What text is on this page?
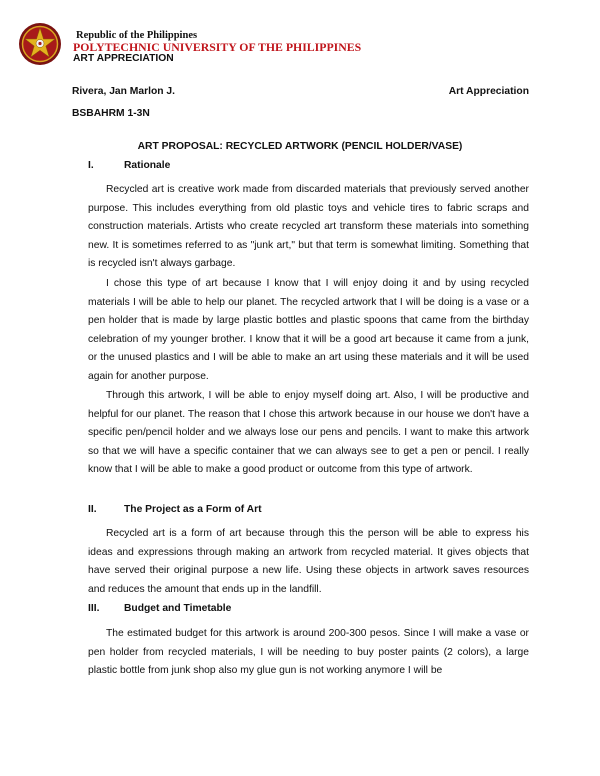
Republic of the Philippines
POLYTECHNIC UNIVERSITY OF THE PHILIPPINES
ART APPRECIATION
Rivera, Jan Marlon J.	Art Appreciation
BSBAHRM 1-3N
ART PROPOSAL: RECYCLED ARTWORK (PENCIL HOLDER/VASE)
I.	Rationale

Recycled art is creative work made from discarded materials that previously served another purpose. This includes everything from old plastic toys and vehicle tires to fabric scraps and construction materials. Artists who create recycled art transform these materials into something new. It is sometimes referred to as "junk art," but that term is somewhat limiting. Something that is recycled isn't always garbage.

I chose this type of art because I know that I will enjoy doing it and by using recycled materials I will be able to help our planet. The recycled artwork that I will be doing is a vase or a pen holder that is made by large plastic bottles and plastic spoons that came from the birthday celebration of my younger brother. I know that it will be a good art because it came from a junk, or the unused plastics and I will be able to make an art using these materials and it will be used again for another purpose.

Through this artwork, I will be able to enjoy myself doing art. Also, I will be productive and helpful for our planet. The reason that I chose this artwork because in our house we don't have a specific pen/pencil holder and we always lose our pens and pencils. I want to make this artwork so that we will have a specific container that we can always see to get a pen or pencil. I really know that I will be able to make a good product or outcome from this type of artwork.

II.	The Project as a Form of Art

Recycled art is a form of art because through this the person will be able to express his ideas and expressions through making an artwork from recycled material. It gives objects that have served their original purpose a new life. Using these objects in artwork saves resources and reduces the amount that ends up in the landfill.

III. Budget and Timetable

The estimated budget for this artwork is around 200-300 pesos. Since I will make a vase or pen holder from recycled materials, I will be needing to buy poster paints (2 colors), a large plastic bottle from junk shop also my glue gun is not working anymore I will be
